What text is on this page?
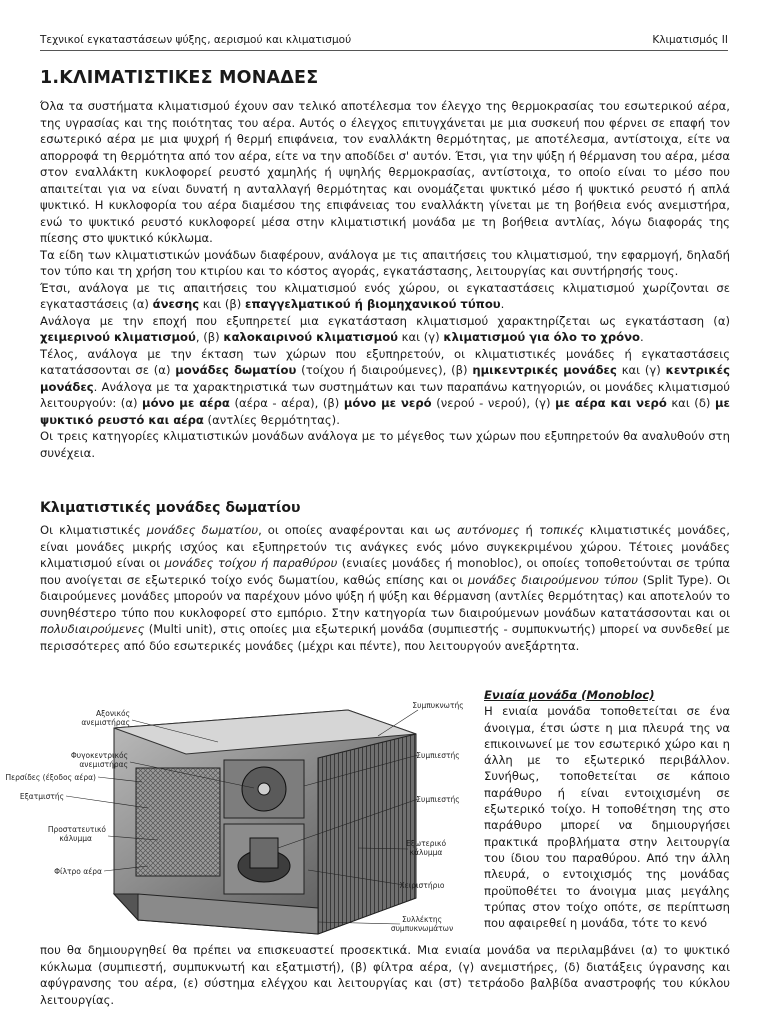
Τεχνικοί εγκαταστάσεων ψύξης, αερισμού και κλιματισμού	Κλιματισμός ΙΙ
1.ΚΛΙΜΑΤΙΣΤΙΚΕΣ ΜΟΝΑΔΕΣ

Όλα τα συστήματα κλιματισμού έχουν σαν τελικό αποτέλεσμα τον έλεγχο της θερμοκρασίας του εσωτερικού αέρα, της υγρασίας και της ποιότητας του αέρα. Αυτός ο έλεγχος επιτυγχάνεται με μια συσκευή που φέρνει σε επαφή τον εσωτερικό αέρα με μια ψυχρή ή θερμή επιφάνεια, τον εναλλάκτη θερμότητας, με αποτέλεσμα, αντίστοιχα, είτε να απορροφά τη θερμότητα από τον αέρα, είτε να την αποδίδει σ' αυτόν. Έτσι, για την ψύξη ή θέρμανση του αέρα, μέσα στον εναλλάκτη κυκλοφορεί ρευστό χαμηλής ή υψηλής θερμοκρασίας, αντίστοιχα, το οποίο είναι το μέσο που απαιτείται για να είναι δυνατή η ανταλλαγή θερμότητας και ονομάζεται ψυκτικό μέσο ή ψυκτικό ρευστό ή απλά ψυκτικό. Η κυκλοφορία του αέρα διαμέσου της επιφάνειας του εναλλάκτη γίνεται με τη βοήθεια ενός ανεμιστήρα, ενώ το ψυκτικό ρευστό κυκλοφορεί μέσα στην κλιματιστική μονάδα με τη βοήθεια αντλίας, λόγω διαφοράς της πίεσης στο ψυκτικό κύκλωμα.

Τα είδη των κλιματιστικών μονάδων διαφέρουν, ανάλογα με τις απαιτήσεις του κλιματισμού, την εφαρμογή, δηλαδή τον τύπο και τη χρήση του κτιρίου και το κόστος αγοράς, εγκατάστασης, λειτουργίας και συντήρησής τους.

Έτσι, ανάλογα με τις απαιτήσεις του κλιματισμού ενός χώρου, οι εγκαταστάσεις κλιματισμού χωρίζονται σε εγκαταστάσεις (α) άνεσης και (β) επαγγελματικού ή βιομηχανικού τύπου.

Ανάλογα με την εποχή που εξυπηρετεί μια εγκατάσταση κλιματισμού χαρακτηρίζεται ως εγκατάσταση (α) χειμερινού κλιματισμού, (β) καλοκαιρινού κλιματισμού και (γ) κλιματισμού για όλο το χρόνο.

Τέλος, ανάλογα με την έκταση των χώρων που εξυπηρετούν, οι κλιματιστικές μονάδες ή εγκαταστάσεις κατατάσσονται σε (α) μονάδες δωματίου (τοίχου ή διαιρούμενες), (β) ημικεντρικές μονάδες και (γ) κεντρικές μονάδες. Ανάλογα με τα χαρακτηριστικά των συστημάτων και των παραπάνω κατηγοριών, οι μονάδες κλιματισμού λειτουργούν: (α) μόνο με αέρα (αέρα - αέρα), (β) μόνο με νερό (νερού - νερού), (γ) με αέρα και νερό και (δ) με ψυκτικό ρευστό και αέρα (αντλίες θερμότητας).

Οι τρεις κατηγορίες κλιματιστικών μονάδων ανάλογα με το μέγεθος των χώρων που εξυπηρετούν θα αναλυθούν στη συνέχεια.

Κλιματιστικές μονάδες δωματίου

Οι κλιματιστικές μονάδες δωματίου, οι οποίες αναφέρονται και ως αυτόνομες ή τοπικές κλιματιστικές μονάδες, είναι μονάδες μικρής ισχύος και εξυπηρετούν τις ανάγκες ενός μόνο συγκεκριμένου χώρου. Τέτοιες μονάδες κλιματισμού είναι οι μονάδες τοίχου ή παραθύρου (ενιαίες μονάδες ή monobloc), οι οποίες τοποθετούνται σε τρύπα που ανοίγεται σε εξωτερικό τοίχο ενός δωματίου, καθώς επίσης και οι μονάδες διαιρούμενου τύπου (Split Type). Οι διαιρούμενες μονάδες μπορούν να παρέχουν μόνο ψύξη ή ψύξη και θέρμανση (αντλίες θερμότητας) και αποτελούν το συνηθέστερο τύπο που κυκλοφορεί στο εμπόριο. Στην κατηγορία των διαιρούμενων μονάδων κατατάσσονται και οι πολυδιαιρούμενες (Multi unit), στις οποίες μια εξωτερική μονάδα (συμπιεστής - συμπυκνωτής) μπορεί να συνδεθεί με περισσότερες από δύο εσωτερικές μονάδες (μέχρι και πέντε), που λειτουργούν ανεξάρτητα.

Αξονικός
ανεμιστήρας
Φυγοκεντρικός
ανεμιστήρας
Περσίδες (έξοδος αέρα)
Εξατμιστής
Προστατευτικό
κάλυμμα
Φίλτρο αέρα
Συμπυκνωτής
Συμπιεστής
Συμπιεστής
Εξωτερικό
κάλυμμα
Χειριστήριο
Συλλέκτης
συμπυκνωμάτων
Ενιαία μονάδα (Monobloc)
Η ενιαία μονάδα τοποθετείται σε ένα άνοιγμα, έτσι ώστε η μια πλευρά της να επικοινωνεί με τον εσωτερικό χώρο και η άλλη με το εξωτερικό περιβάλλον. Συνήθως, τοποθετείται σε κάποιο παράθυρο ή είναι εντοιχισμένη σε εξωτερικό τοίχο. Η τοποθέτηση της στο παράθυρο μπορεί να δημιουργήσει πρακτικά προβλήματα στην λειτουργία του ίδιου του παραθύρου. Από την άλλη πλευρά, ο εντοιχισμός της μονάδας προϋποθέτει το άνοιγμα μιας μεγάλης τρύπας στον τοίχο οπότε, σε περίπτωση που αφαιρεθεί η μονάδα, τότε το κενό

που θα δημιουργηθεί θα πρέπει να επισκευαστεί προσεκτικά. Μια ενιαία μονάδα να περιλαμβάνει (α) το ψυκτικό κύκλωμα (συμπιεστή, συμπυκνωτή και εξατμιστή), (β) φίλτρα αέρα, (γ) ανεμιστήρες, (δ) διατάξεις ύγρανσης και αφύγρανσης του αέρα, (ε) σύστημα ελέγχου και λειτουργίας και (στ) τετράοδο βαλβίδα αναστροφής του κύκλου λειτουργίας.
